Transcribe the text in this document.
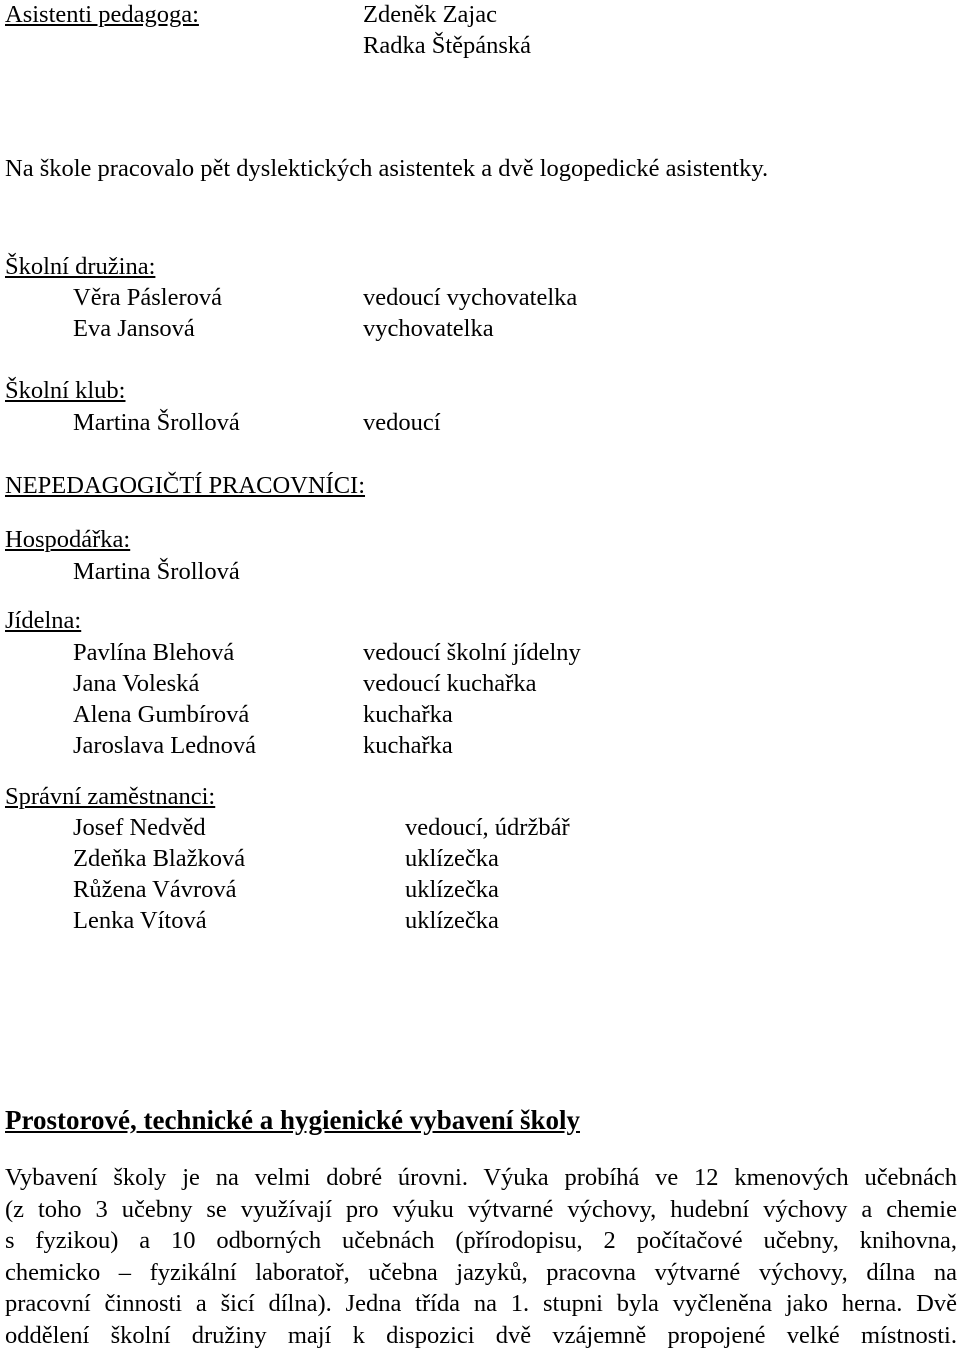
Asistenti pedagoga:	Zdeněk Zajac
Radka Štěpánská
Na škole pracovalo pět dyslektických asistentek a dvě logopedické asistentky.
Školní družina:
Věra Páslerová	vedoucí vychovatelka
Eva Jansová	vychovatelka
Školní klub:
Martina Šrollová	vedoucí
NEPEDAGOGIČTÍ PRACOVNÍCI:
Hospodářka:
Martina Šrollová
Jídelna:
Pavlína Blehová	vedoucí školní jídelny
Jana Voleská	vedoucí kuchařka
Alena Gumbírová	kuchařka
Jaroslava Lednová	kuchařka
Správní zaměstnanci:
Josef Nedvěd	vedoucí, údržbář
Zdeňka Blažková	uklízečka
Růžena Vávrová	uklízečka
Lenka Vítová	uklízečka
Prostorové, technické a hygienické vybavení školy
Vybavení školy je na velmi dobré úrovni. Výuka probíhá ve 12 kmenových učebnách
(z toho 3 učebny se využívají pro výuku výtvarné výchovy, hudební výchovy a chemie
s fyzikou) a 10 odborných učebnách (přírodopisu, 2 počítačové učebny, knihovna,
chemicko – fyzikální laboratoř, učebna jazyků, pracovna výtvarné výchovy, dílna na
pracovní činnosti a šicí dílna). Jedna třída na 1. stupni byla vyčleněna jako herna. Dvě
oddělení školní družiny mají k dispozici dvě vzájemně propojené velké místnosti.
